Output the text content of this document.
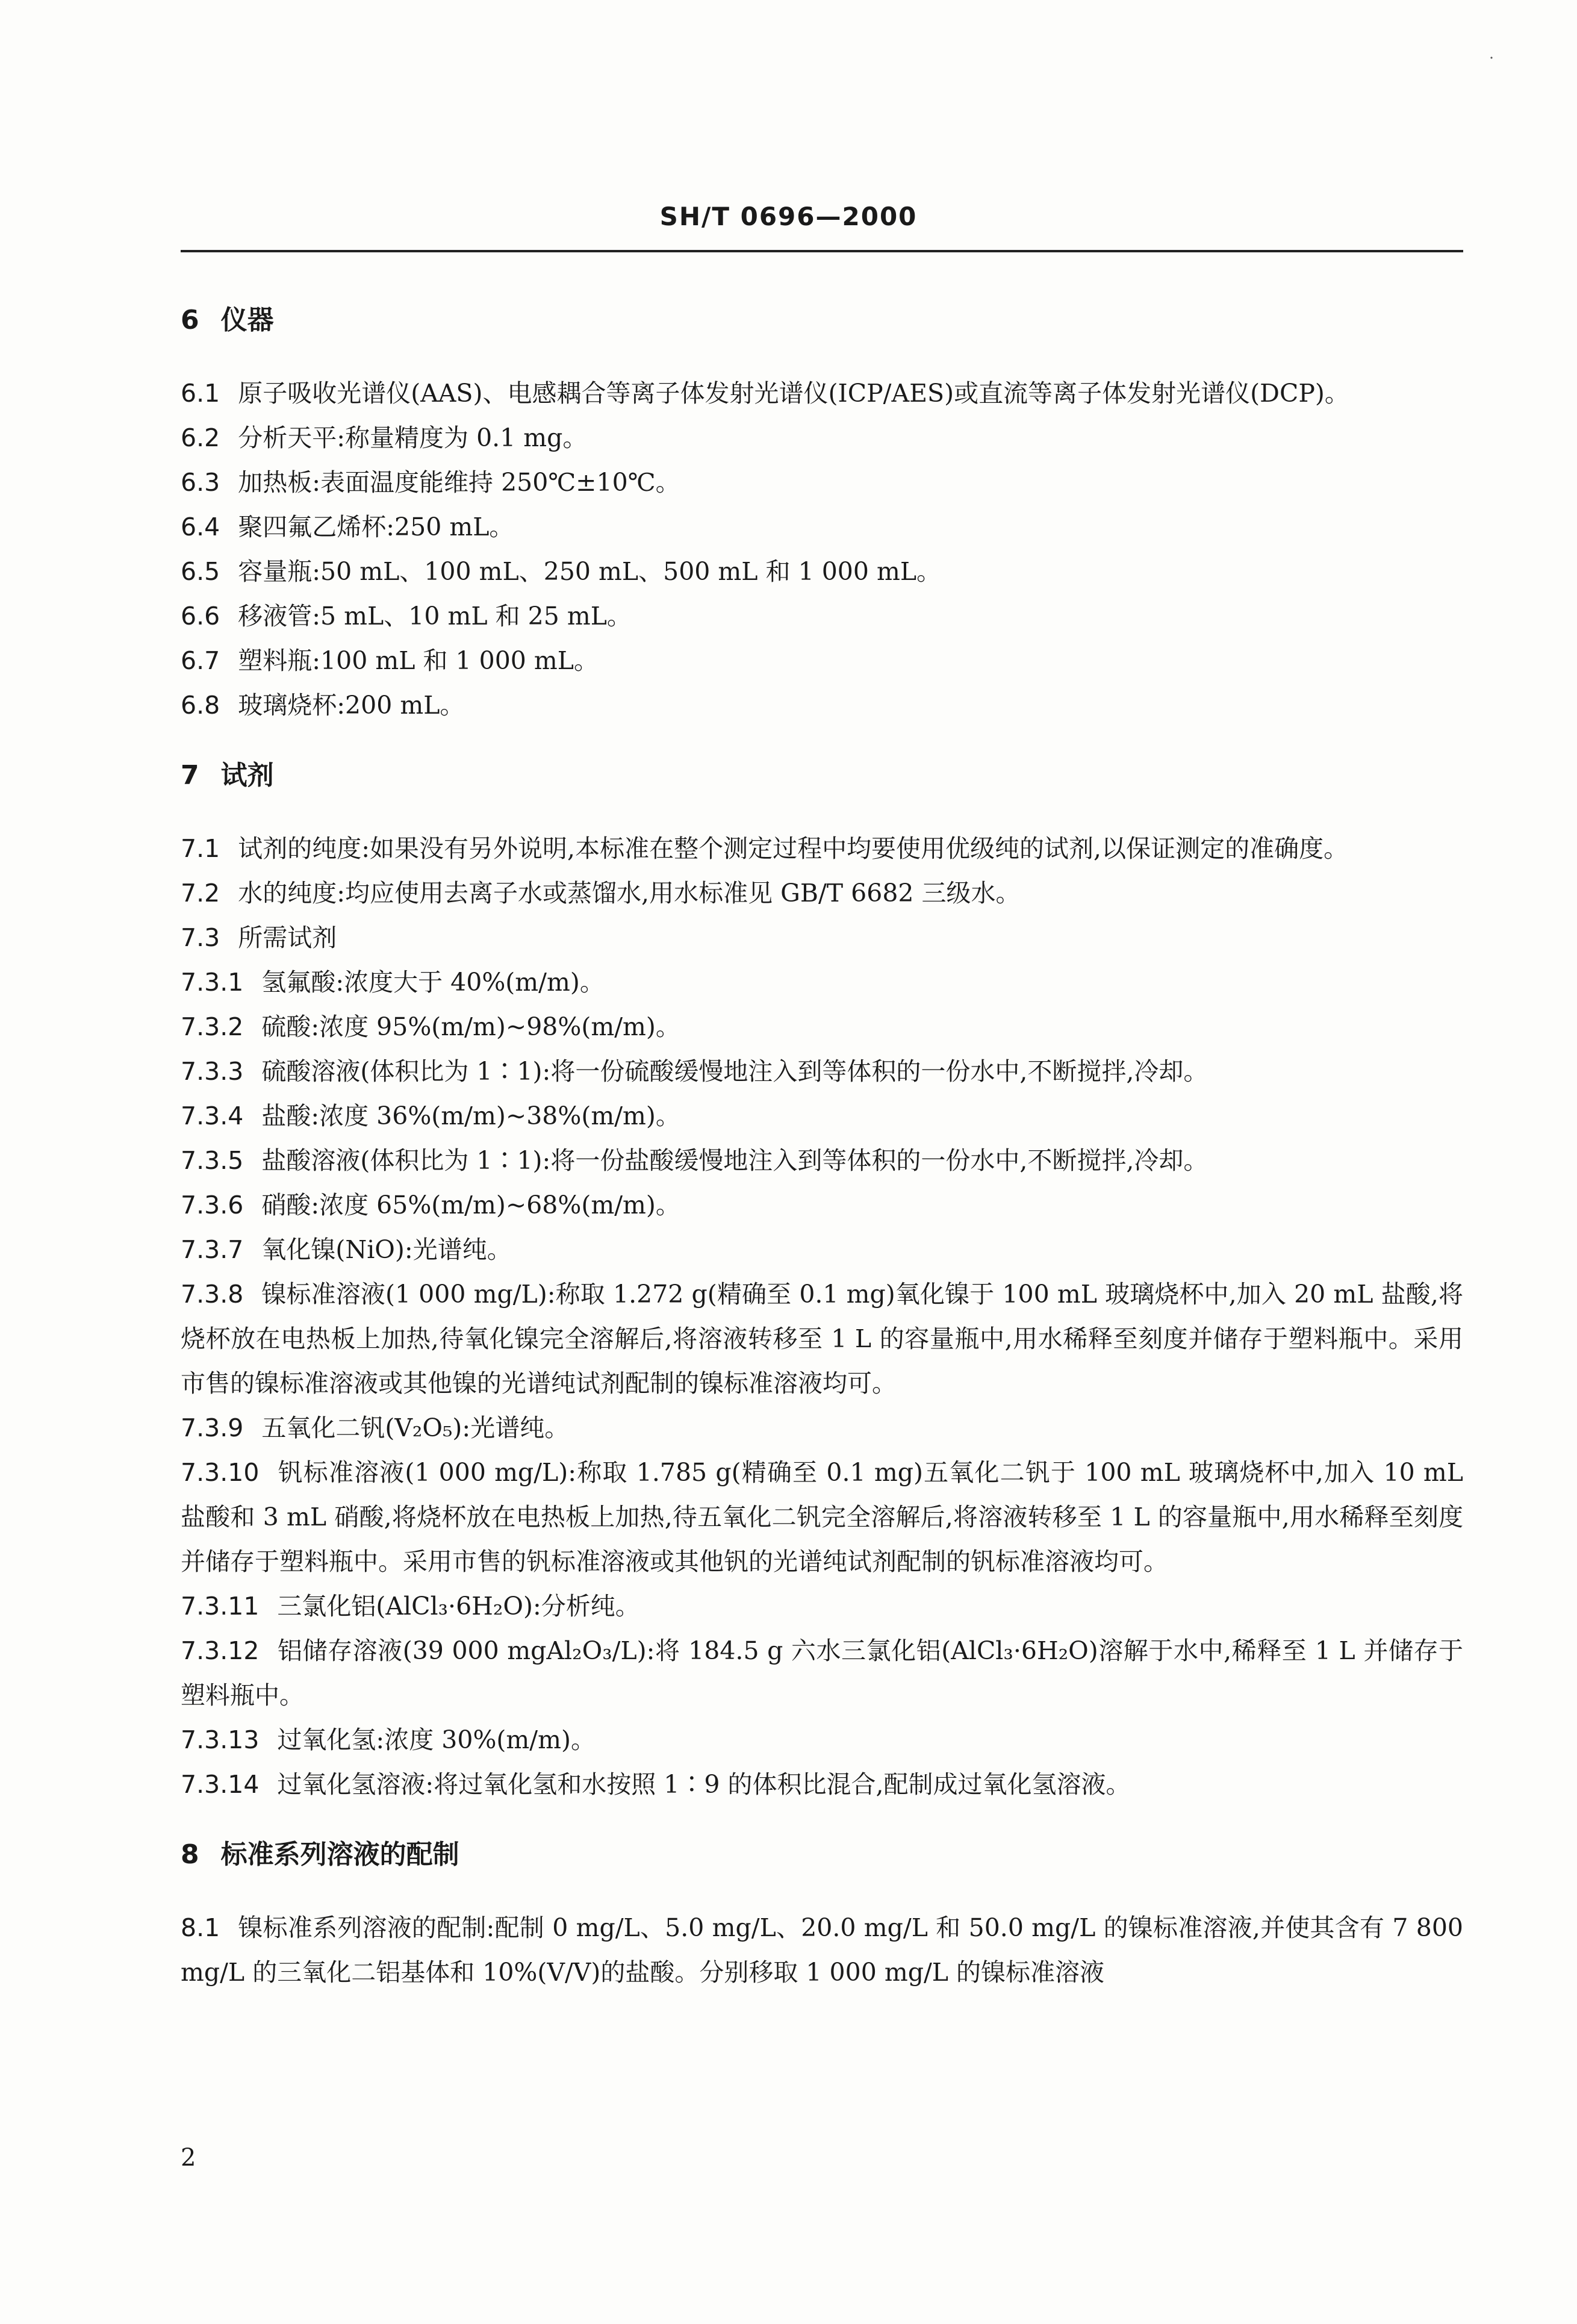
˙
SH/T 0696—2000
6 仪器

6.1 原子吸收光谱仪(AAS)、电感耦合等离子体发射光谱仪(ICP/AES)或直流等离子体发射光谱仪(DCP)。

6.2 分析天平:称量精度为 0.1 mg。

6.3 加热板:表面温度能维持 250℃±10℃。

6.4 聚四氟乙烯杯:250 mL。

6.5 容量瓶:50 mL、100 mL、250 mL、500 mL 和 1 000 mL。

6.6 移液管:5 mL、10 mL 和 25 mL。

6.7 塑料瓶:100 mL 和 1 000 mL。

6.8 玻璃烧杯:200 mL。

7 试剂

7.1 试剂的纯度:如果没有另外说明,本标准在整个测定过程中均要使用优级纯的试剂,以保证测定的准确度。

7.2 水的纯度:均应使用去离子水或蒸馏水,用水标准见 GB/T 6682 三级水。

7.3 所需试剂

7.3.1 氢氟酸:浓度大于 40%(m/m)。

7.3.2 硫酸:浓度 95%(m/m)~98%(m/m)。

7.3.3 硫酸溶液(体积比为 1∶1):将一份硫酸缓慢地注入到等体积的一份水中,不断搅拌,冷却。

7.3.4 盐酸:浓度 36%(m/m)~38%(m/m)。

7.3.5 盐酸溶液(体积比为 1∶1):将一份盐酸缓慢地注入到等体积的一份水中,不断搅拌,冷却。

7.3.6 硝酸:浓度 65%(m/m)~68%(m/m)。

7.3.7 氧化镍(NiO):光谱纯。

7.3.8 镍标准溶液(1 000 mg/L):称取 1.272 g(精确至 0.1 mg)氧化镍于 100 mL 玻璃烧杯中,加入 20 mL 盐酸,将烧杯放在电热板上加热,待氧化镍完全溶解后,将溶液转移至 1 L 的容量瓶中,用水稀释至刻度并储存于塑料瓶中。采用市售的镍标准溶液或其他镍的光谱纯试剂配制的镍标准溶液均可。

7.3.9 五氧化二钒(V₂O₅):光谱纯。

7.3.10 钒标准溶液(1 000 mg/L):称取 1.785 g(精确至 0.1 mg)五氧化二钒于 100 mL 玻璃烧杯中,加入 10 mL 盐酸和 3 mL 硝酸,将烧杯放在电热板上加热,待五氧化二钒完全溶解后,将溶液转移至 1 L 的容量瓶中,用水稀释至刻度并储存于塑料瓶中。采用市售的钒标准溶液或其他钒的光谱纯试剂配制的钒标准溶液均可。

7.3.11 三氯化铝(AlCl₃·6H₂O):分析纯。

7.3.12 铝储存溶液(39 000 mgAl₂O₃/L):将 184.5 g 六水三氯化铝(AlCl₃·6H₂O)溶解于水中,稀释至 1 L 并储存于塑料瓶中。

7.3.13 过氧化氢:浓度 30%(m/m)。

7.3.14 过氧化氢溶液:将过氧化氢和水按照 1∶9 的体积比混合,配制成过氧化氢溶液。

8 标准系列溶液的配制

8.1 镍标准系列溶液的配制:配制 0 mg/L、5.0 mg/L、20.0 mg/L 和 50.0 mg/L 的镍标准溶液,并使其含有 7 800 mg/L 的三氧化二铝基体和 10%(V/V)的盐酸。分别移取 1 000 mg/L 的镍标准溶液

2
